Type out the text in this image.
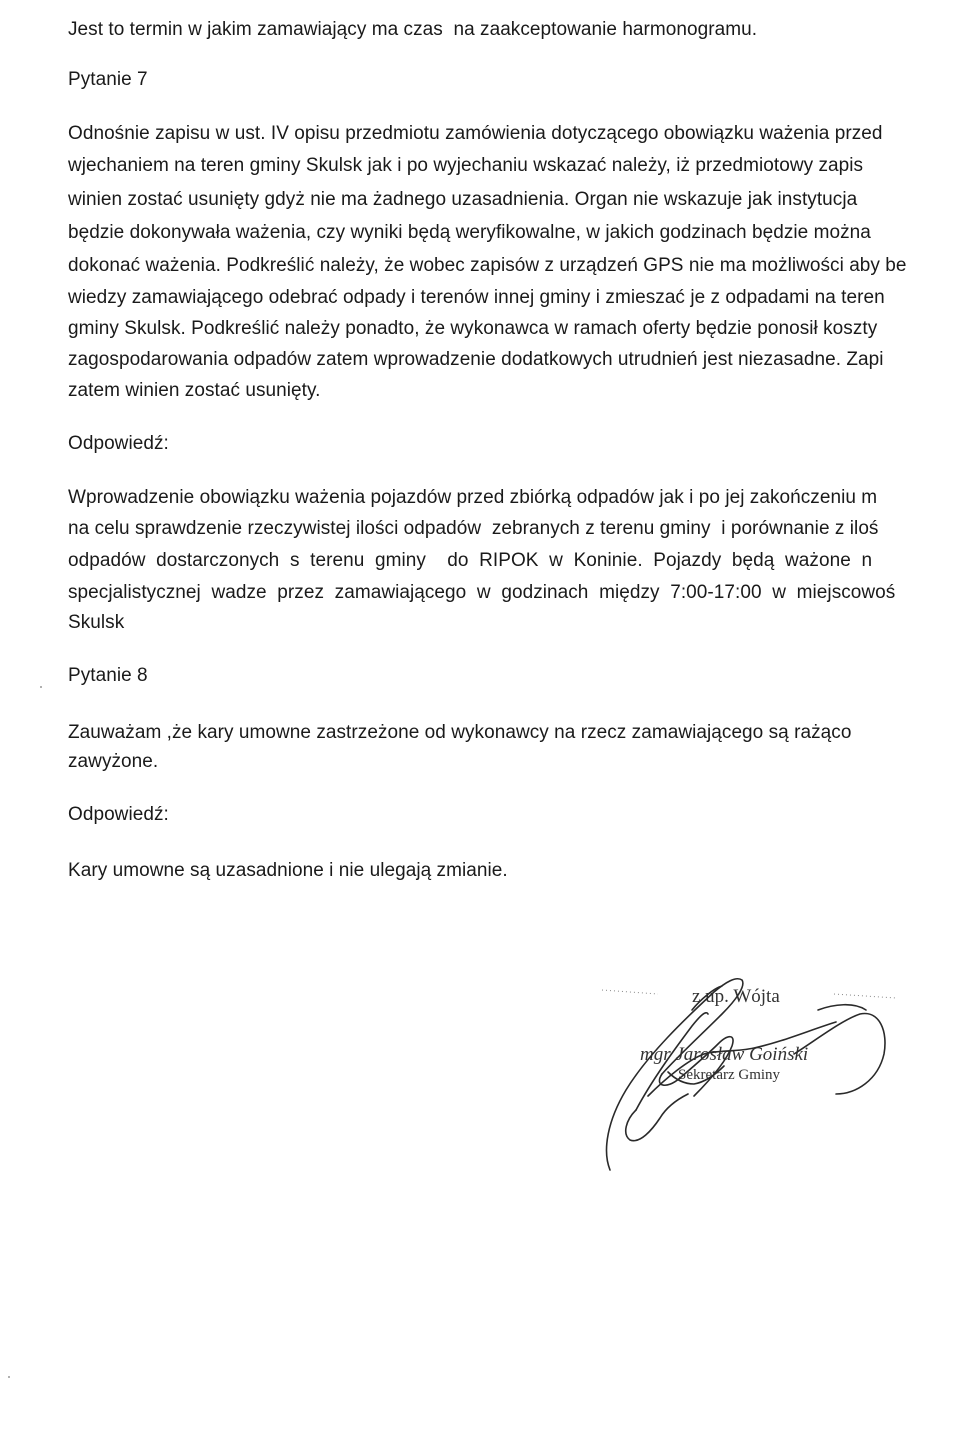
Jest to termin w jakim zamawiający ma czas  na zaakceptowanie harmonogramu.
Pytanie 7
Odnośnie zapisu w ust. IV opisu przedmiotu zamówienia dotyczącego obowiązku ważenia przed
wjechaniem na teren gminy Skulsk jak i po wyjechaniu wskazać należy, iż przedmiotowy zapis
winien zostać usunięty gdyż nie ma żadnego uzasadnienia. Organ nie wskazuje jak instytucja
będzie dokonywała ważenia, czy wyniki będą weryfikowalne, w jakich godzinach będzie można
dokonać ważenia. Podkreślić należy, że wobec zapisów z urządzeń GPS nie ma możliwości aby be
wiedzy zamawiającego odebrać odpady i terenów innej gminy i zmieszać je z odpadami na teren
gminy Skulsk. Podkreślić należy ponadto, że wykonawca w ramach oferty będzie ponosił koszty
zagospodarowania odpadów zatem wprowadzenie dodatkowych utrudnień jest niezasadne. Zapi
zatem winien zostać usunięty.
Odpowiedź:
Wprowadzenie obowiązku ważenia pojazdów przed zbiórką odpadów jak i po jej zakończeniu m
na celu sprawdzenie rzeczywistej ilości odpadów  zebranych z terenu gminy  i porównanie z iloś
odpadów  dostarczonych  s  terenu  gminy    do  RIPOK  w  Koninie.  Pojazdy  będą  ważone  n
specjalistycznej  wadze  przez  zamawiającego  w  godzinach  między  7:00-17:00  w  miejscowoś
Skulsk
Pytanie 8
Zauważam ,że kary umowne zastrzeżone od wykonawcy na rzecz zamawiającego są rażąco
zawyżone.
Odpowiedź:
Kary umowne są uzasadnione i nie ulegają zmianie.
z up. Wójta
mgr Jarosław Goiński
Sekretarz Gminy
